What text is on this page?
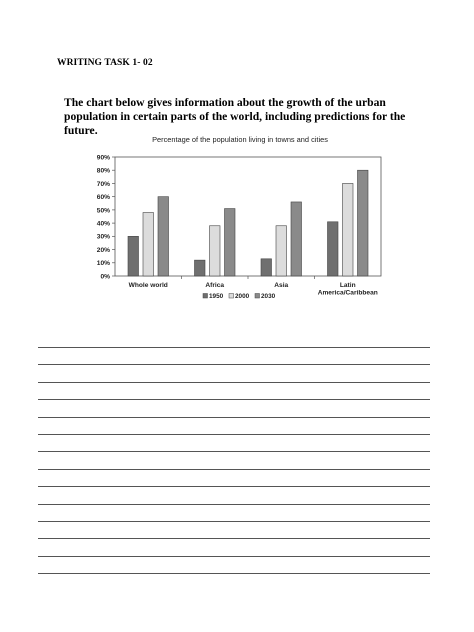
WRITING TASK 1- 02
The chart below gives information about the growth of the urban population in certain parts of the world, including predictions for the future.
Percentage of the population living in towns and cities
0%
10%
20%
30%
40%
50%
60%
70%
80%
90%
Whole world	Africa	Asia	Latin
America/Caribbean
1950 2000 2030
